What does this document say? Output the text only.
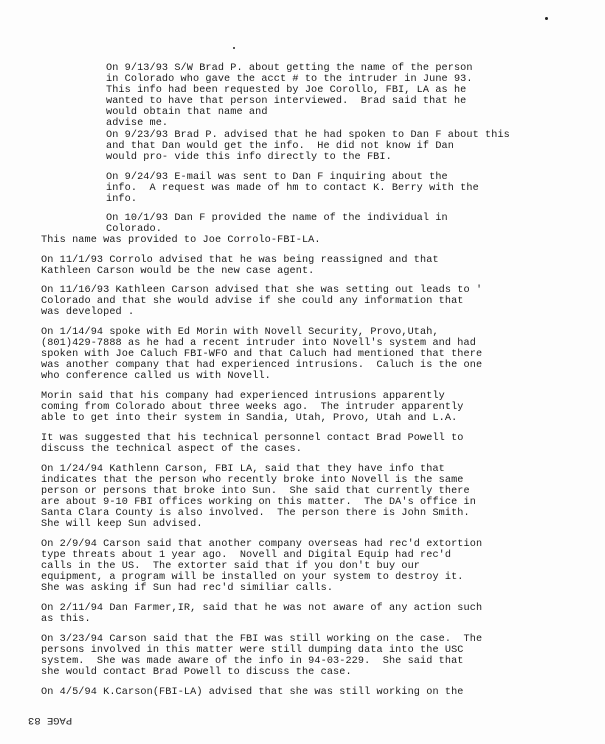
On 9/13/93 S/W Brad P. about getting the name of the person
in Colorado who gave the acct # to the intruder in June 93.
This info had been requested by Joe Corollo, FBI, LA as he
wanted to have that person interviewed.  Brad said that he
would obtain that name and
advise me.
On 9/23/93 Brad P. advised that he had spoken to Dan F about this
and that Dan would get the info.  He did not know if Dan
would pro- vide this info directly to the FBI.
On 9/24/93 E-mail was sent to Dan F inquiring about the
info.  A request was made of hm to contact K. Berry with the
info.
On 10/1/93 Dan F provided the name of the individual in
Colorado.
This name was provided to Joe Corrolo-FBI-LA.
On 11/1/93 Corrolo advised that he was being reassigned and that
Kathleen Carson would be the new case agent.
On 11/16/93 Kathleen Carson advised that she was setting out leads to '
Colorado and that she would advise if she could any information that
was developed .
On 1/14/94 spoke with Ed Morin with Novell Security, Provo,Utah,
(801)429-7888 as he had a recent intruder into Novell's system and had
spoken with Joe Caluch FBI-WFO and that Caluch had mentioned that there
was another company that had experienced intrusions.  Caluch is the one
who conference called us with Novell.
Morin said that his company had experienced intrusions apparently
coming from Colorado about three weeks ago.  The intruder apparently
able to get into their system in Sandia, Utah, Provo, Utah and L.A.
It was suggested that his technical personnel contact Brad Powell to
discuss the technical aspect of the cases.
On 1/24/94 Kathlenn Carson, FBI LA, said that they have info that
indicates that the person who recently broke into Novell is the same
person or persons that broke into Sun.  She said that currently there
are about 9-10 FBI offices working on this matter.  The DA's office in
Santa Clara County is also involved.  The person there is John Smith.
She will keep Sun advised.
On 2/9/94 Carson said that another company overseas had rec'd extortion
type threats about 1 year ago.  Novell and Digital Equip had rec'd
calls in the US.  The extorter said that if you don't buy our
equipment, a program will be installed on your system to destroy it.
She was asking if Sun had rec'd similiar calls.
On 2/11/94 Dan Farmer,IR, said that he was not aware of any action such
as this.
On 3/23/94 Carson said that the FBI was still working on the case.  The
persons involved in this matter were still dumping data into the USC
system.  She was made aware of the info in 94-03-229.  She said that
she would contact Brad Powell to discuss the case.
On 4/5/94 K.Carson(FBI-LA) advised that she was still working on the
PAGE 83
